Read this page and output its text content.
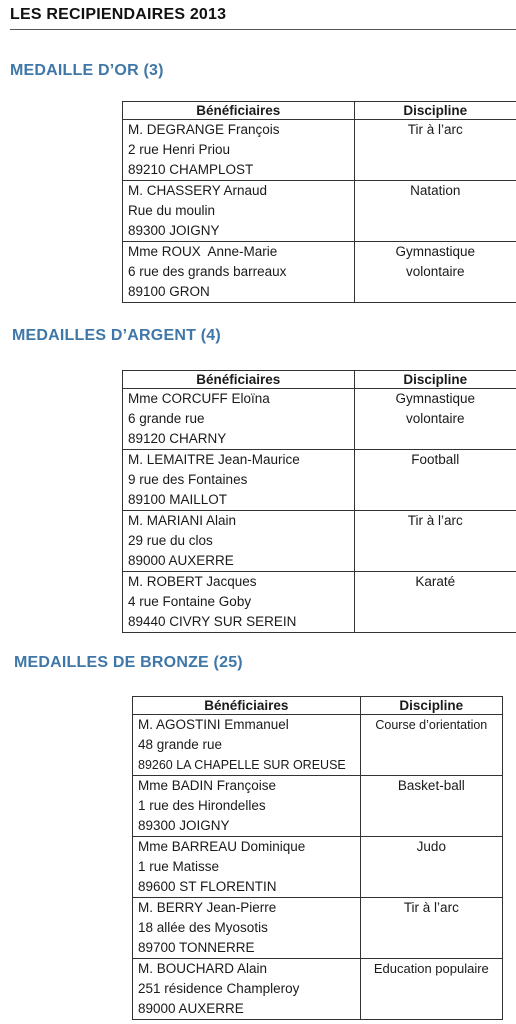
LES RECIPIENDAIRES 2013
MEDAILLE D’OR (3)
Bénéficiaires	Discipline

M. DEGRANGE François
2 rue Henri Priou
89210 CHAMPLOST	Tir à l’arc

M. CHASSERY Arnaud
Rue du moulin
89300 JOIGNY	Natation

Mme ROUX  Anne-Marie
6 rue des grands barreaux
89100 GRON	Gymnastique
volontaire
MEDAILLES D’ARGENT (4)
Bénéficiaires	Discipline

Mme CORCUFF Eloïna
6 grande rue
89120 CHARNY	Gymnastique
volontaire

M. LEMAITRE Jean-Maurice
9 rue des Fontaines
89100 MAILLOT	Football

M. MARIANI Alain
29 rue du clos
89000 AUXERRE	Tir à l’arc

M. ROBERT Jacques
4 rue Fontaine Goby
89440 CIVRY SUR SEREIN	Karaté
MEDAILLES DE BRONZE (25)
Bénéficiaires	Discipline

M. AGOSTINI Emmanuel
48 grande rue
89260 LA CHAPELLE SUR OREUSE	Course d’orientation

Mme BADIN Françoise
1 rue des Hirondelles
89300 JOIGNY	Basket-ball

Mme BARREAU Dominique
1 rue Matisse
89600 ST FLORENTIN	Judo

M. BERRY Jean-Pierre
18 allée des Myosotis
89700 TONNERRE	Tir à l’arc

M. BOUCHARD Alain
251 résidence Champleroy
89000 AUXERRE	Education populaire
